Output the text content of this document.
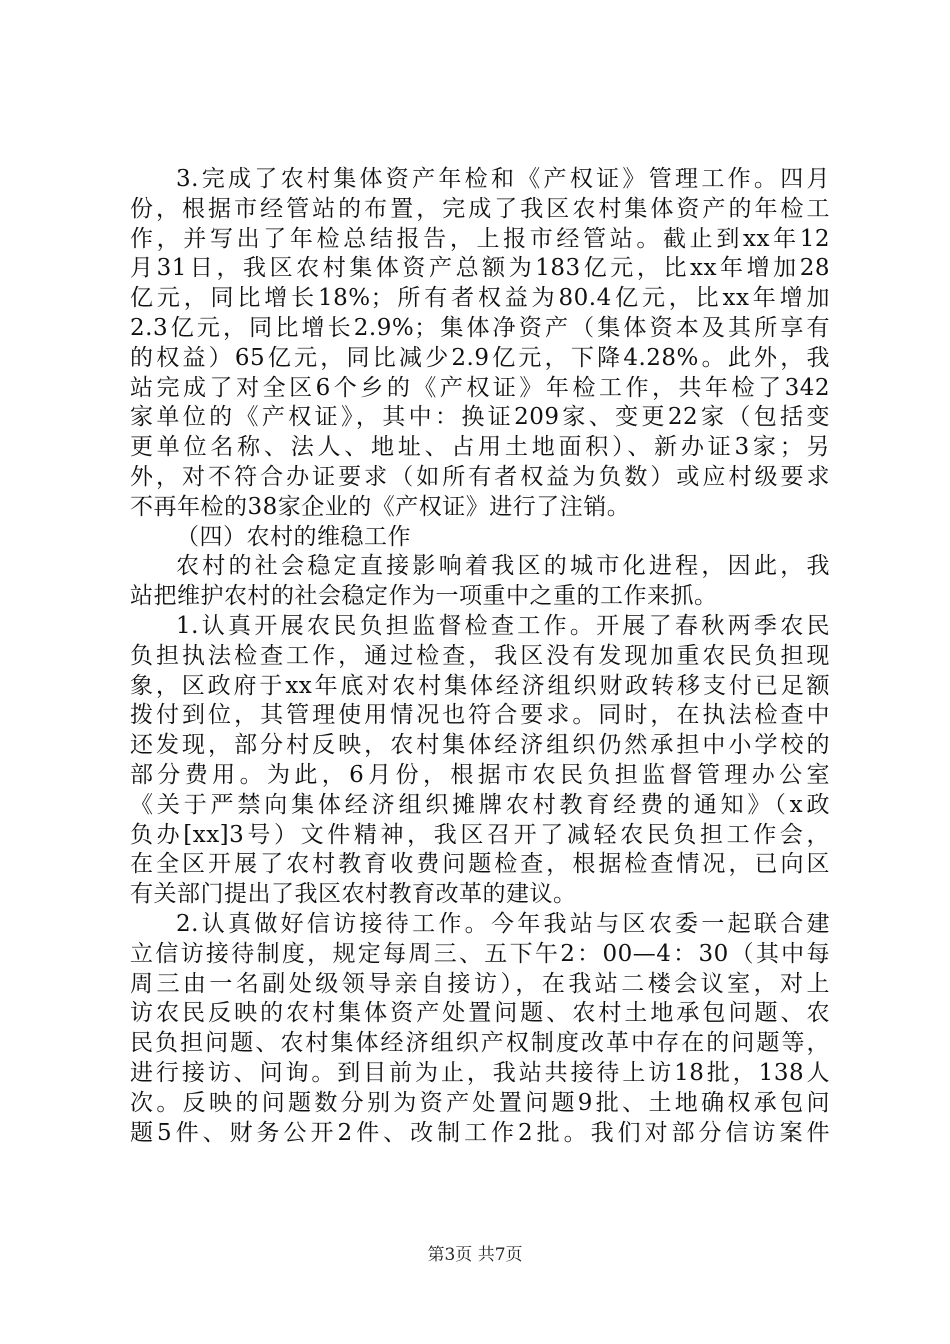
3.完成了农村集体资产年检和《产权证》管理工作。四月
份，根据市经管站的布置，完成了我区农村集体资产的年检工
作，并写出了年检总结报告，上报市经管站。截止到xx年12
月31日，我区农村集体资产总额为183亿元，比xx年增加28
亿元，同比增长18%；所有者权益为80.4亿元，比xx年增加
2.3亿元，同比增长2.9%；集体净资产（集体资本及其所享有
的权益）65亿元，同比减少2.9亿元，下降4.28%。此外，我
站完成了对全区6个乡的《产权证》年检工作，共年检了342
家单位的《产权证》，其中：换证209家、变更22家（包括变
更单位名称、法人、地址、占用土地面积）、新办证3家；另
外，对不符合办证要求（如所有者权益为负数）或应村级要求
不再年检的38家企业的《产权证》进行了注销。
（四）农村的维稳工作
农村的社会稳定直接影响着我区的城市化进程，因此，我
站把维护农村的社会稳定作为一项重中之重的工作来抓。
1.认真开展农民负担监督检查工作。开展了春秋两季农民
负担执法检查工作，通过检查，我区没有发现加重农民负担现
象，区政府于xx年底对农村集体经济组织财政转移支付已足额
拨付到位，其管理使用情况也符合要求。同时，在执法检查中
还发现，部分村反映，农村集体经济组织仍然承担中小学校的
部分费用。为此，6月份，根据市农民负担监督管理办公室
《关于严禁向集体经济组织摊牌农村教育经费的通知》（x政
负办[xx]3号）文件精神，我区召开了减轻农民负担工作会，
在全区开展了农村教育收费问题检查，根据检查情况，已向区
有关部门提出了我区农村教育改革的建议。
2.认真做好信访接待工作。今年我站与区农委一起联合建
立信访接待制度，规定每周三、五下午2：00—4：30（其中每
周三由一名副处级领导亲自接访），在我站二楼会议室，对上
访农民反映的农村集体资产处置问题、农村土地承包问题、农
民负担问题、农村集体经济组织产权制度改革中存在的问题等，
进行接访、问询。到目前为止，我站共接待上访18批，138人
次。反映的问题数分别为资产处置问题9批、土地确权承包问
题5件、财务公开2件、改制工作2批。我们对部分信访案件
第3页 共7页
